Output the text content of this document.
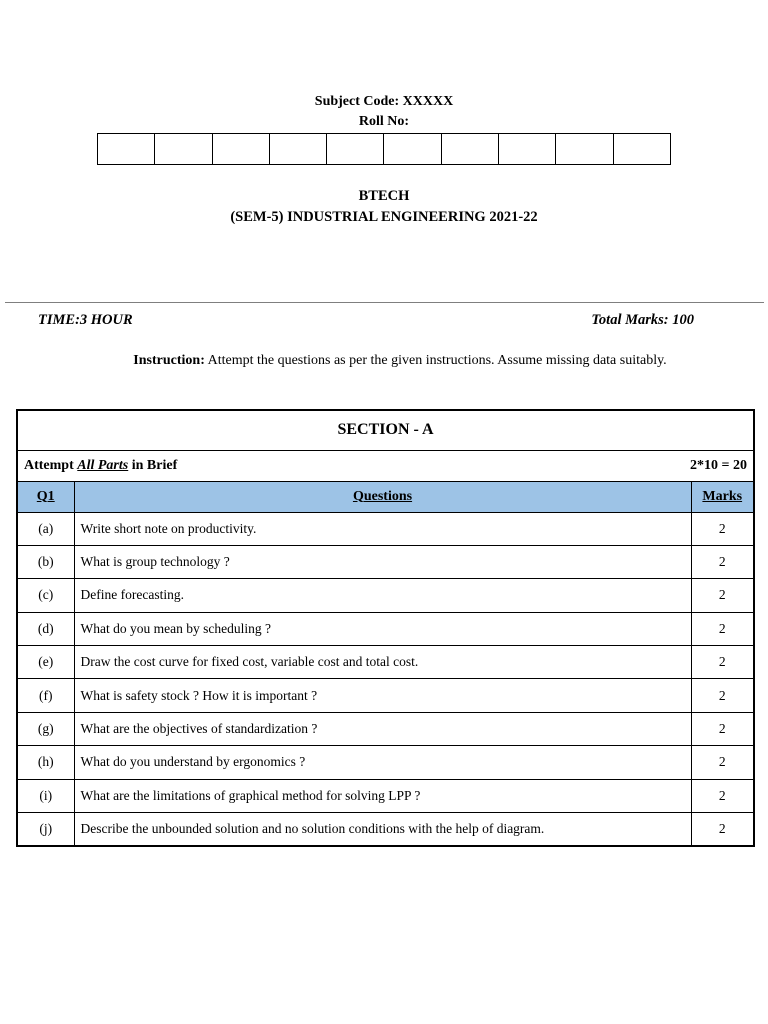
Subject Code: XXXXX
Roll No:
BTECH
(SEM-5) INDUSTRIAL ENGINEERING 2021-22
TIME:3 HOUR	Total Marks: 100
Instruction: Attempt the questions as per the given instructions. Assume missing data suitably.
SECTION - A		

Attempt All Parts in Brief 2*10 = 20		

Q1	Questions	Marks
(a)	Write short note on productivity.	2
(b)	What is group technology ?	2
(c)	Define forecasting.	2
(d)	What do you mean by scheduling ?	2
(e)	Draw the cost curve for fixed cost, variable cost and total cost.	2
(f)	What is safety stock ? How it is important ?	2
(g)	What are the objectives of standardization ?	2
(h)	What do you understand by ergonomics ?	2
(i)	What are the limitations of graphical method for solving LPP ?	2
(j)	Describe the unbounded solution and no solution conditions with the help of diagram.	2
